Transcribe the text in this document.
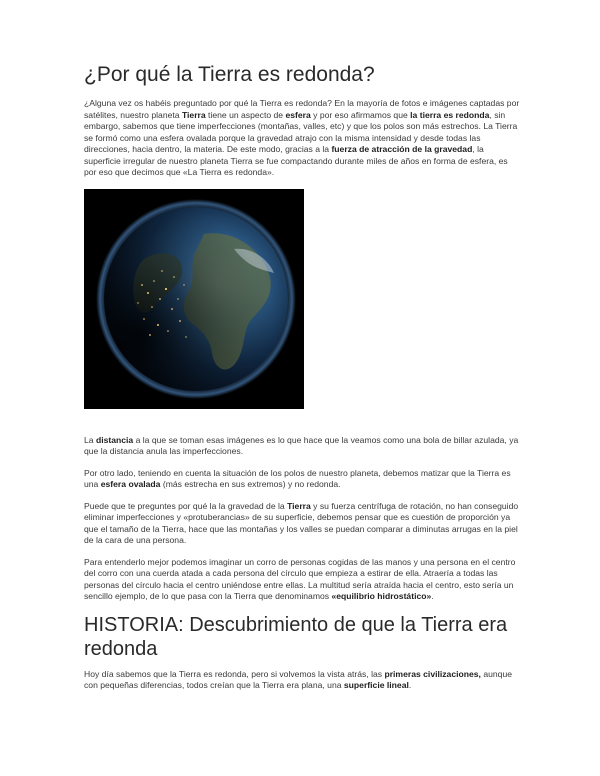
¿Por qué la Tierra es redonda?

¿Alguna vez os habéis preguntado por qué la Tierra es redonda? En la mayoría de fotos e imágenes captadas por satélites, nuestro planeta Tierra tiene un aspecto de esfera y por eso afirmamos que la tierra es redonda, sin embargo, sabemos que tiene imperfecciones (montañas, valles, etc) y que los polos son más estrechos. La Tierra se formó como una esfera ovalada porque la gravedad atrajo con la misma intensidad y desde todas las direcciones, hacia dentro, la materia. De este modo, gracias a la fuerza de atracción de la gravedad, la superficie irregular de nuestro planeta Tierra se fue compactando durante miles de años en forma de esfera, es por eso que decimos que «La Tierra es redonda».

La distancia a la que se toman esas imágenes es lo que hace que la veamos como una bola de billar azulada, ya que la distancia anula las imperfecciones.

Por otro lado, teniendo en cuenta la situación de los polos de nuestro planeta, debemos matizar que la Tierra es una esfera ovalada (más estrecha en sus extremos) y no redonda.

Puede que te preguntes por qué la la gravedad de la Tierra y su fuerza centrífuga de rotación, no han conseguido eliminar imperfecciones y «protuberancias» de su superficie, debemos pensar que es cuestión de proporción ya que el tamaño de la Tierra, hace que las montañas y los valles se puedan comparar a diminutas arrugas en la piel de la cara de una persona.

Para entenderlo mejor podemos imaginar un corro de personas cogidas de las manos y una persona en el centro del corro con una cuerda atada a cada persona del círculo que empieza a estirar de ella. Atraería a todas las personas del círculo hacia el centro uniéndose entre ellas. La multitud sería atraída hacia el centro, esto sería un sencillo ejemplo, de lo que pasa con la Tierra que denominamos «equilibrio hidrostático».

HISTORIA: Descubrimiento de que la Tierra era redonda

Hoy día sabemos que la Tierra es redonda, pero si volvemos la vista atrás, las primeras civilizaciones, aunque con pequeñas diferencias, todos creían que la Tierra era plana, una superficie lineal.
